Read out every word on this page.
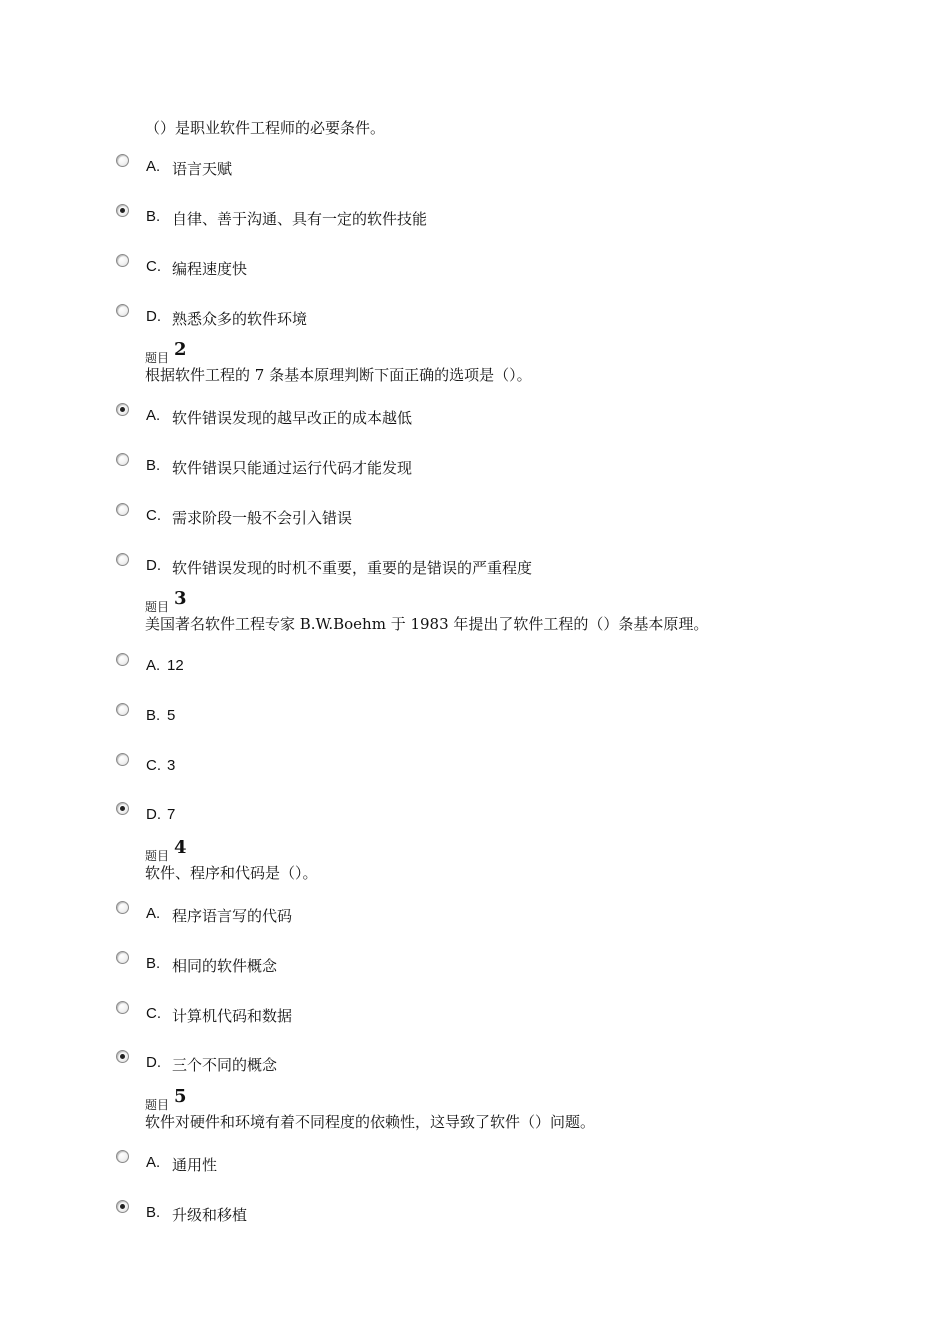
（）是职业软件工程师的必要条件。
A. 语言天赋
B. 自律、善于沟通、具有一定的软件技能
C. 编程速度快
D. 熟悉众多的软件环境
题目 2
根据软件工程的 7 条基本原理判断下面正确的选项是（）。
A. 软件错误发现的越早改正的成本越低
B. 软件错误只能通过运行代码才能发现
C. 需求阶段一般不会引入错误
D. 软件错误发现的时机不重要，重要的是错误的严重程度
题目 3
美国著名软件工程专家 B.W.Boehm 于 1983 年提出了软件工程的（）条基本原理。
A. 12
B. 5
C. 3
D. 7
题目 4
软件、程序和代码是（）。
A. 程序语言写的代码
B. 相同的软件概念
C. 计算机代码和数据
D. 三个不同的概念
题目 5
软件对硬件和环境有着不同程度的依赖性，这导致了软件（）问题。
A. 通用性
B. 升级和移植
